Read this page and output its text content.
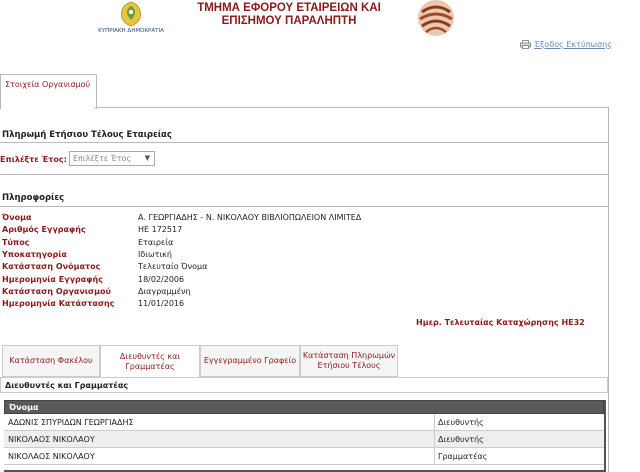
ΚΥΠΡΙΑΚΗ ΔΗΜΟΚΡΑΤΙΑ
ΤΜΗΜΑ ΕΦΟΡΟΥ ΕΤΑΙΡΕΙΩΝ ΚΑΙ
ΕΠΙΣΗΜΟΥ ΠΑΡΑΛΗΠΤΗ
Έξοδος Εκτύπωσης
Στοιχεία Οργανισμού
Πληρωμή Ετήσιου Τέλους Εταιρείας
Επιλέξτε Έτος: Επιλέξτε Έτος ▼
Πληροφορίες
Όνομα	Α. ΓΕΩΡΓΙΑΔΗΣ - Ν. ΝΙΚΟΛΑΟΥ ΒΙΒΛΙΟΠΩΛΕΙΟΝ ΛΙΜΙΤΕΔ
Αριθμός Εγγραφής	ΗΕ 172517
Τύπος	Εταιρεία
Υποκατηγορία	Ιδιωτική
Κατάσταση Ονόματος	Τελευταίο Όνομα
Ημερομηνία Εγγραφής	18/02/2006
Κατάσταση Οργανισμού	Διαγραμμένη
Ημερομηνία Κατάστασης	11/01/2016
Ημερ. Τελευταίας Καταχώρησης ΗΕ32
Κατάσταση Φακέλου	Διευθυντές και Γραμματέας
Εγγεγραμμένο Γραφείο
Κατάσταση Πληρωμών Ετήσιου Τέλους
Διευθυντές και Γραμματέας
Όνομα
ΑΔΩΝΙΣ ΣΠΥΡΙΔΩΝ ΓΕΩΡΓΙΑΔΗΣ	Διευθυντής
ΝΙΚΟΛΑΟΣ ΝΙΚΟΛΑΟΥ	Διευθυντής
ΝΙΚΟΛΑΟΣ ΝΙΚΟΛΑΟΥ	Γραμματέας
